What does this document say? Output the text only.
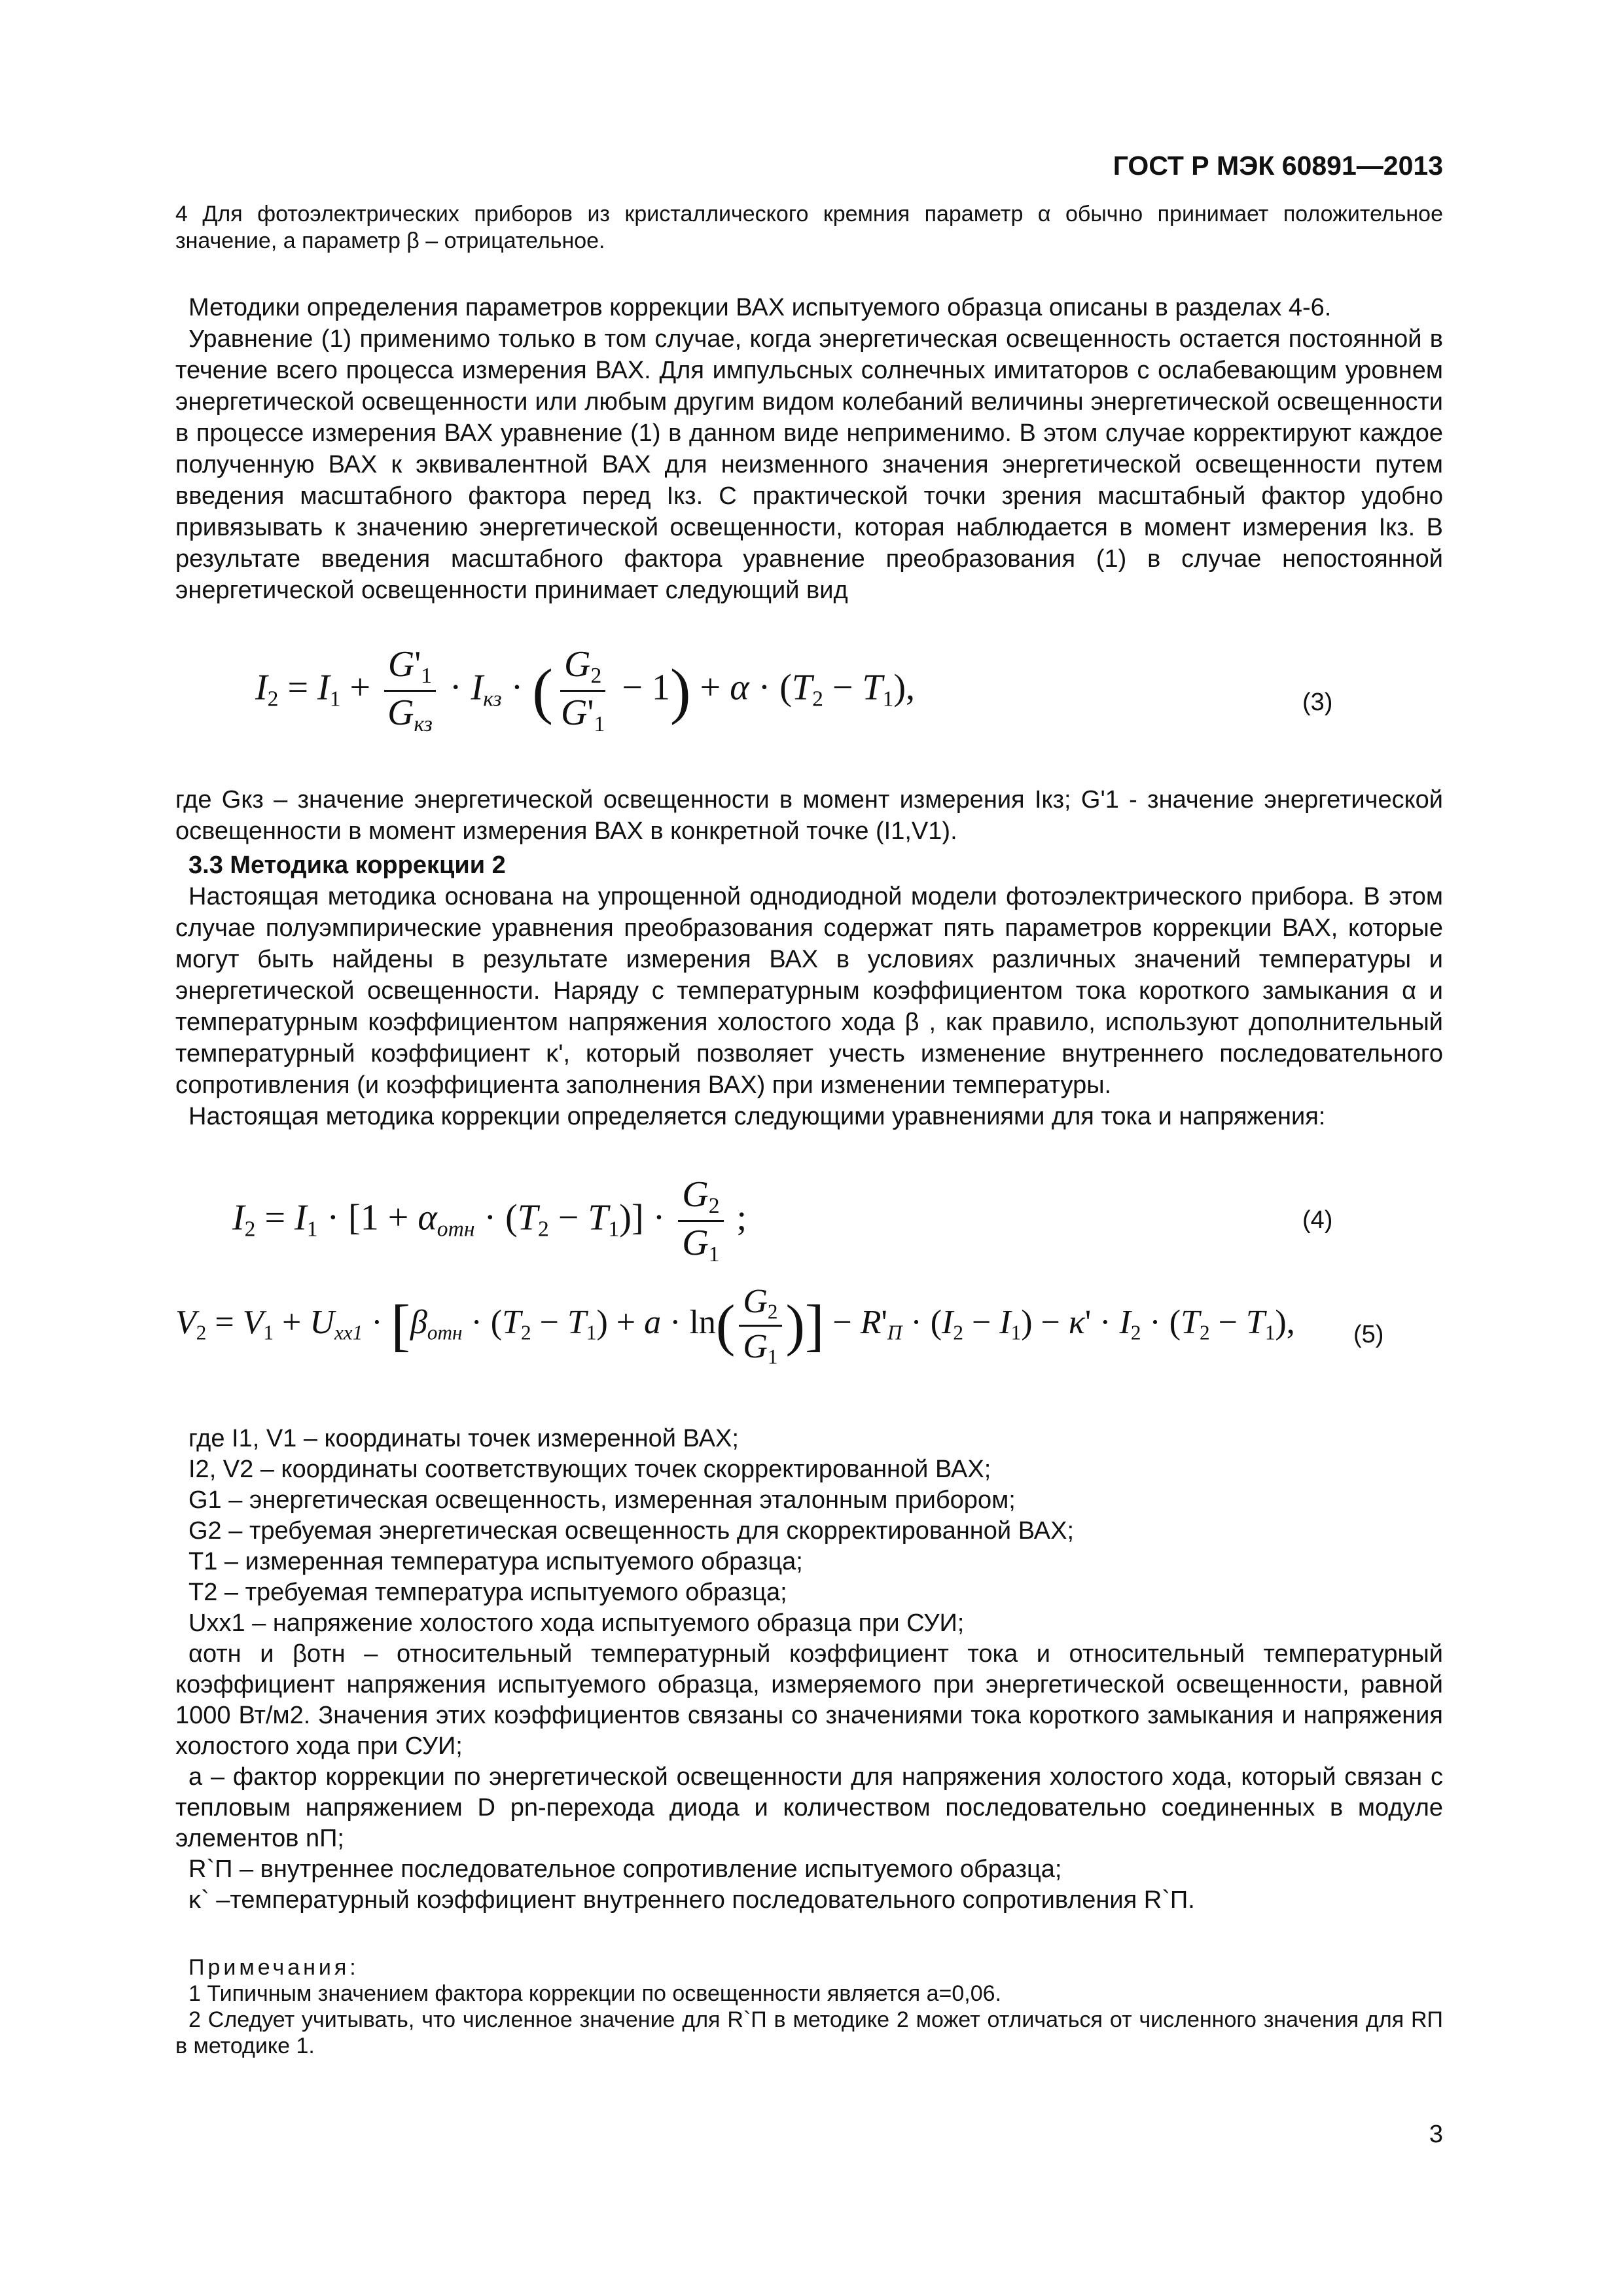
ГОСТ Р МЭК 60891—2013
4 Для фотоэлектрических приборов из кристаллического кремния параметр α обычно принимает положительное значение, а параметр β – отрицательное.

Методики определения параметров коррекции ВАХ испытуемого образца описаны в разделах 4-6.

Уравнение (1) применимо только в том случае, когда энергетическая освещенность остается постоянной в течение всего процесса измерения ВАХ. Для импульсных солнечных имитаторов с ослабевающим уровнем энергетической освещенности или любым другим видом колебаний величины энергетической освещенности в процессе измерения ВАХ уравнение (1) в данном виде неприменимо. В этом случае корректируют каждое полученную ВАХ к эквивалентной ВАХ для неизменного значения энергетической освещенности путем введения масштабного фактора перед Iкз. С практической точки зрения масштабный фактор удобно привязывать к значению энергетической освещенности, которая наблюдается в момент измерения Iкз. В результате введения масштабного фактора уравнение преобразования (1) в случае непостоянной энергетической освещенности принимает следующий вид

$I2 = I1 + \frac{G'1}{G_{кз}} \cdot I_{кз}$ · ( $\frac{G2}{G'1} - 1) + \alpha \cdot (T2 - T1)$,	(3)
где Gкз – значение энергетической освещенности в момент измерения Iкз; G'1 - значение энергетической освещенности в момент измерения ВАХ в конкретной точке (I1,V1).

3.3 Методика коррекции 2

Настоящая методика основана на упрощенной однодиодной модели фотоэлектрического прибора. В этом случае полуэмпирические уравнения преобразования содержат пять параметров коррекции ВАХ, которые могут быть найдены в результате измерения ВАХ в условиях различных значений температуры и энергетической освещенности. Наряду с температурным коэффициентом тока короткого замыкания α и температурным коэффициентом напряжения холостого хода β , как правило, используют дополнительный температурный коэффициент κ', который позволяет учесть изменение внутреннего последовательного сопротивления (и коэффициента заполнения ВАХ) при изменении температуры.

Настоящая методика коррекции определяется следующими уравнениями для тока и напряжения:

$I2 = I1 \cdot [1 + \alpha_{отн} \cdot (T2 - T1)] \cdot \frac{G2}{G1}$ ;	(4)
$V2 = V1 + U_{xx1} \cdot [\beta_{отн} \cdot (T2 - T1) + a \cdot \ln( \frac{G2}{G1}$ )] − $R'_П \cdot (I2 - I1) - \kappa' \cdot I2 \cdot (T2 - T1)$, (5)
где I1, V1 – координаты точек измеренной ВАХ;
I2, V2 – координаты соответствующих точек скорректированной ВАХ;
G1 – энергетическая освещенность, измеренная эталонным прибором;
G2 – требуемая энергетическая освещенность для скорректированной ВАХ;
T1 – измеренная температура испытуемого образца;
T2 – требуемая температура испытуемого образца;
Uxx1 – напряжение холостого хода испытуемого образца при СУИ;
αотн и βотн – относительный температурный коэффициент тока и относительный температурный коэффициент напряжения испытуемого образца, измеряемого при энергетической освещенности, равной 1000 Вт/м2. Значения этих коэффициентов связаны со значениями тока короткого замыкания и напряжения холостого хода при СУИ;
a – фактор коррекции по энергетической освещенности для напряжения холостого хода, который связан с тепловым напряжением D pn-перехода диода и количеством последовательно соединенных в модуле элементов nП;
R`П – внутреннее последовательное сопротивление испытуемого образца;
κ` –температурный коэффициент внутреннего последовательного сопротивления R`П.
Примечания:
1 Типичным значением фактора коррекции по освещенности является a=0,06.
2 Следует учитывать, что численное значение для R`П в методике 2 может отличаться от численного значения для RП в методике 1.
3
